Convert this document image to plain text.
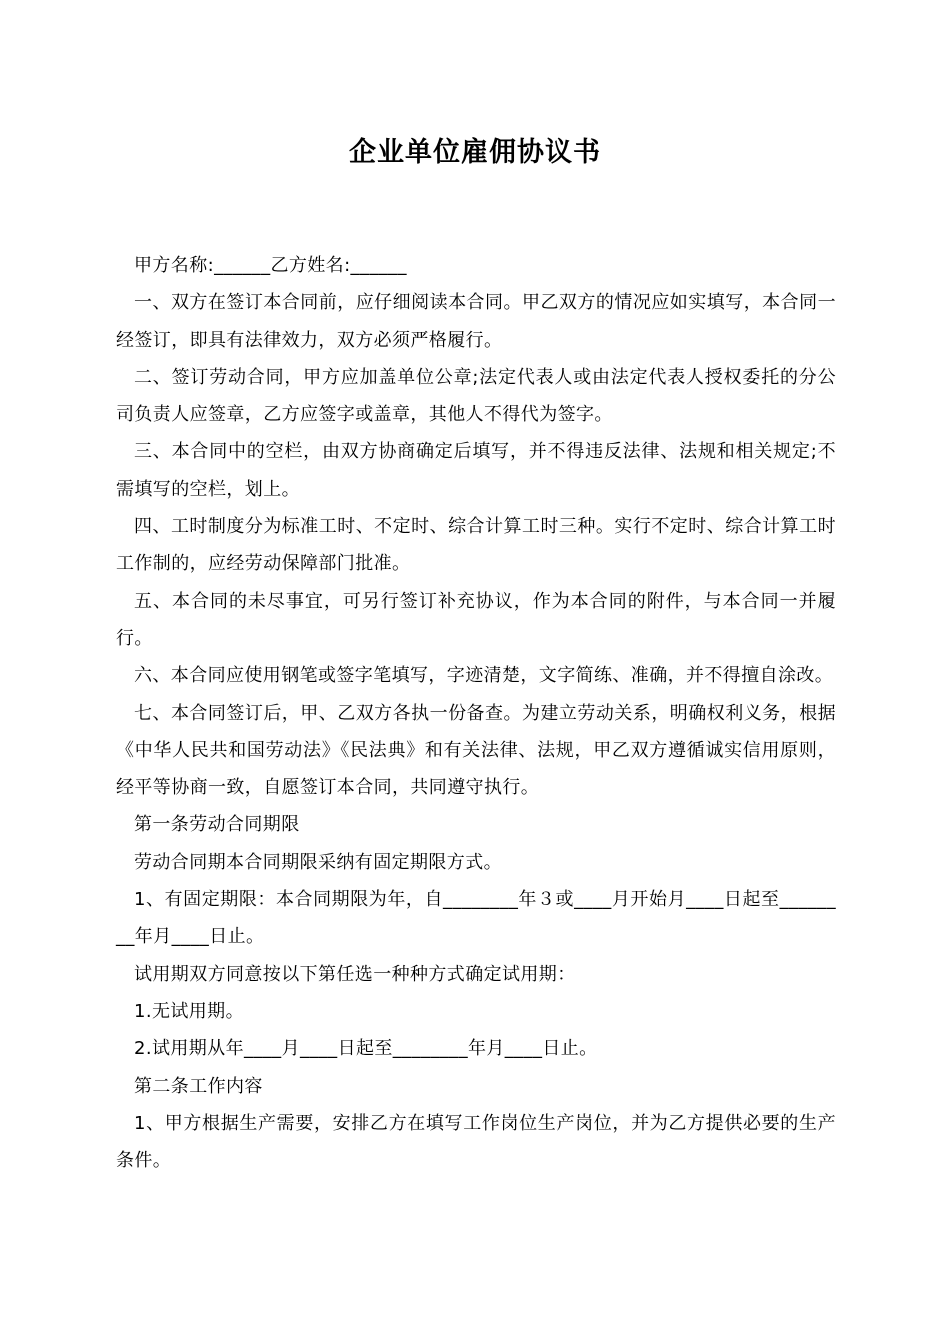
企业单位雇佣协议书

甲方名称:______乙方姓名:______

一、双方在签订本合同前，应仔细阅读本合同。甲乙双方的情况应如实填写，本合同一经签订，即具有法律效力，双方必须严格履行。

二、签订劳动合同，甲方应加盖单位公章;法定代表人或由法定代表人授权委托的分公司负责人应签章，乙方应签字或盖章，其他人不得代为签字。

三、本合同中的空栏，由双方协商确定后填写，并不得违反法律、法规和相关规定;不需填写的空栏，划上。

四、工时制度分为标准工时、不定时、综合计算工时三种。实行不定时、综合计算工时工作制的，应经劳动保障部门批准。

五、本合同的未尽事宜，可另行签订补充协议，作为本合同的附件，与本合同一并履行。

六、本合同应使用钢笔或签字笔填写，字迹清楚，文字简练、准确，并不得擅自涂改。

七、本合同签订后，甲、乙双方各执一份备查。为建立劳动关系，明确权利义务，根据《中华人民共和国劳动法》《民法典》和有关法律、法规，甲乙双方遵循诚实信用原则，经平等协商一致，自愿签订本合同，共同遵守执行。

第一条劳动合同期限

劳动合同期本合同期限采纳有固定期限方式。

1、有固定期限：本合同期限为年，自________年３或____月开始月____日起至________年月____日止。

试用期双方同意按以下第任选一种种方式确定试用期：

1.无试用期。

2.试用期从年____月____日起至________年月____日止。

第二条工作内容

1、甲方根据生产需要，安排乙方在填写工作岗位生产岗位，并为乙方提供必要的生产条件。
